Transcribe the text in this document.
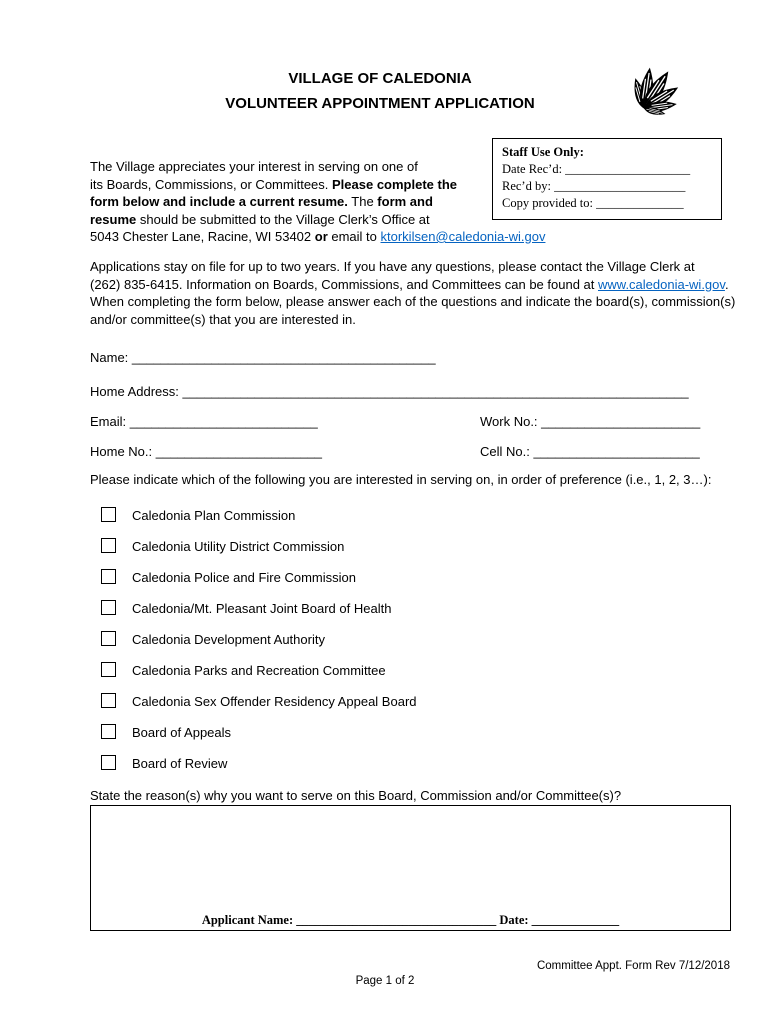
VILLAGE OF CALEDONIA
VOLUNTEER APPOINTMENT APPLICATION
Staff Use Only:
Date Rec’d: ____________________
Rec’d by: _____________________
Copy provided to: ______________
The Village appreciates your interest in serving on one of
its Boards, Commissions, or Committees. Please complete the
form below and include a current resume. The form and
resume should be submitted to the Village Clerk’s Office at
5043 Chester Lane, Racine, WI 53402 or email to ktorkilsen@caledonia-wi.gov
Applications stay on file for up to two years. If you have any questions, please contact the Village Clerk at
(262) 835-6415. Information on Boards, Commissions, and Committees can be found at www.caledonia-wi.gov.
When completing the form below, please answer each of the questions and indicate the board(s), commission(s)
and/or committee(s) that you are interested in.
Name: __________________________________________
Home Address: ______________________________________________________________________
Email: __________________________	Work No.: ______________________
Home No.: _______________________	Cell No.: _______________________
Please indicate which of the following you are interested in serving on, in order of preference (i.e., 1, 2, 3…):
Caledonia Plan Commission
Caledonia Utility District Commission
Caledonia Police and Fire Commission
Caledonia/Mt. Pleasant Joint Board of Health
Caledonia Development Authority
Caledonia Parks and Recreation Committee
Caledonia Sex Offender Residency Appeal Board
Board of Appeals
Board of Review
State the reason(s) why you want to serve on this Board, Commission and/or Committee(s)?
Applicant Name: ________________________________ Date: ______________
Committee Appt. Form Rev 7/12/2018
Page 1 of 2
